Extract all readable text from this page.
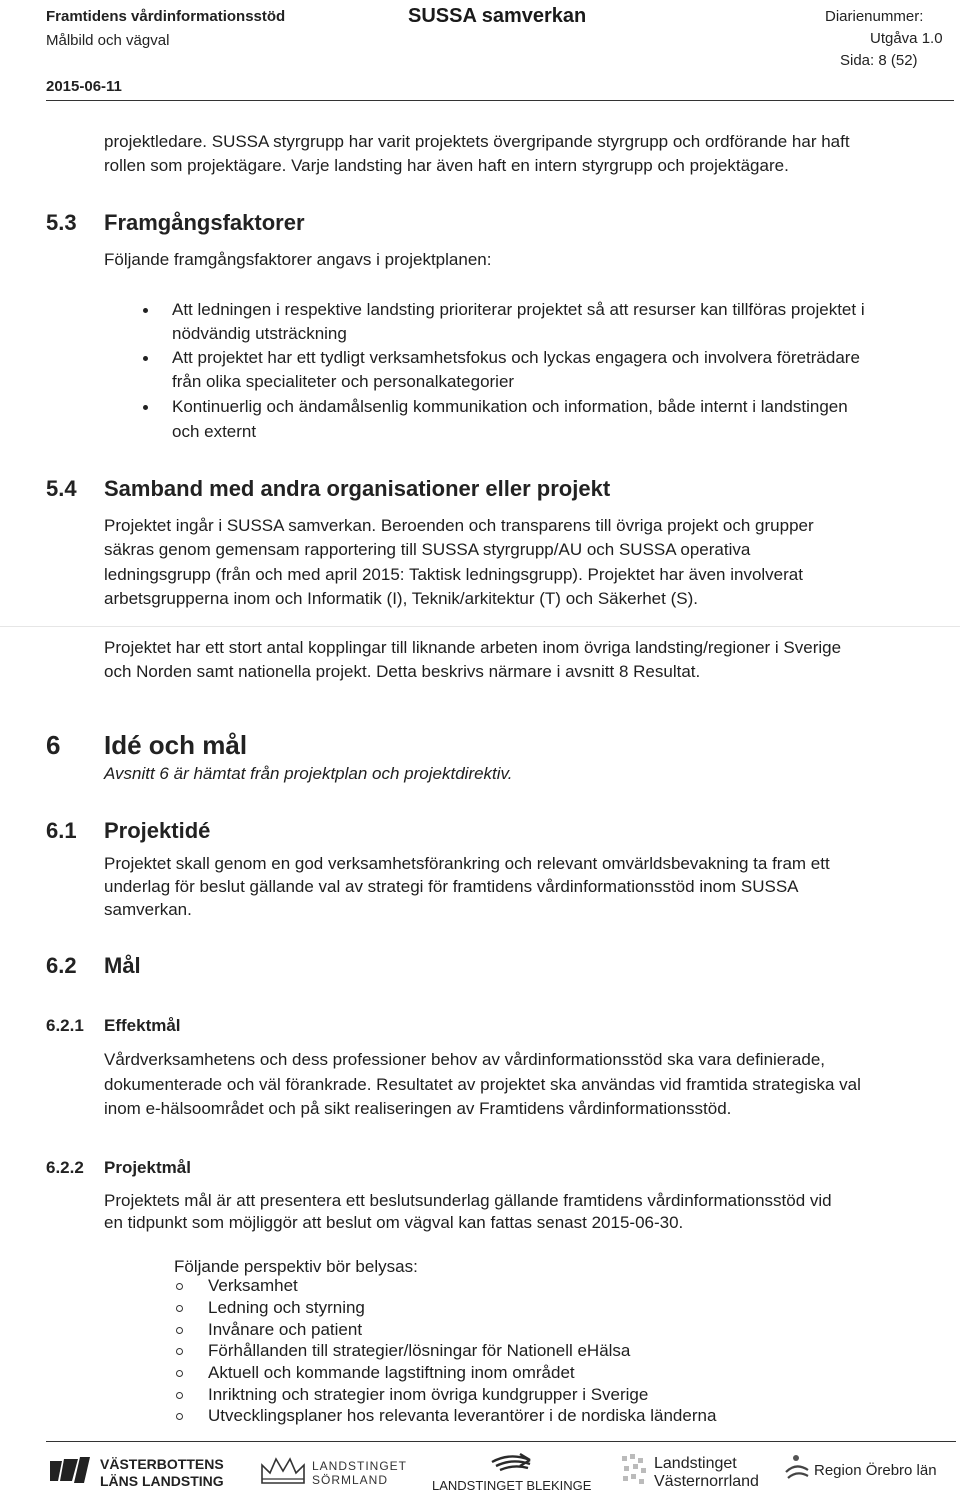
Framtidens vårdinformationsstöd
Målbild och vägval
2015-06-11
SUSSA samverkan	Diarienummer:
Utgåva 1.0
Sida: 8 (52)
projektledare. SUSSA styrgrupp har varit projektets övergripande styrgrupp och ordförande har haft
rollen som projektägare. Varje landsting har även haft en intern styrgrupp och projektägare.
5.3 Framgångsfaktorer
Följande framgångsfaktorer angavs i projektplanen:
Att ledningen i respektive landsting prioriterar projektet så att resurser kan tillföras projektet i
nödvändig utsträckning
Att projektet har ett tydligt verksamhetsfokus och lyckas engagera och involvera företrädare
från olika specialiteter och personalkategorier
Kontinuerlig och ändamålsenlig kommunikation och information, både internt i landstingen
och externt
5.4 Samband med andra organisationer eller projekt
Projektet ingår i SUSSA samverkan. Beroenden och transparens till övriga projekt och grupper
säkras genom gemensam rapportering till SUSSA styrgrupp/AU och SUSSA operativa
ledningsgrupp (från och med april 2015: Taktisk ledningsgrupp). Projektet har även involverat
arbetsgrupperna inom och Informatik (I), Teknik/arkitektur (T) och Säkerhet (S).
Projektet har ett stort antal kopplingar till liknande arbeten inom övriga landsting/regioner i Sverige
och Norden samt nationella projekt. Detta beskrivs närmare i avsnitt 8 Resultat.
6 Idé och mål
Avsnitt 6 är hämtat från projektplan och projektdirektiv.
6.1 Projektidé
Projektet skall genom en god verksamhetsförankring och relevant omvärldsbevakning ta fram ett
underlag för beslut gällande val av strategi för framtidens vårdinformationsstöd inom SUSSA
samverkan.
6.2 Mål
6.2.1 Effektmål
Vårdverksamhetens och dess professioner behov av vårdinformationsstöd ska vara definierade,
dokumenterade och väl förankrade. Resultatet av projektet ska användas vid framtida strategiska val
inom e-hälsoområdet och på sikt realiseringen av Framtidens vårdinformationsstöd.
6.2.2 Projektmål
Projektets mål är att presentera ett beslutsunderlag gällande framtidens vårdinformationsstöd vid
en tidpunkt som möjliggör att beslut om vägval kan fattas senast 2015-06-30.
Följande perspektiv bör belysas:
Verksamhet
Ledning och styrning
Invånare och patient
Förhållanden till strategier/lösningar för Nationell eHälsa
Aktuell och kommande lagstiftning inom området
Inriktning och strategier inom övriga kundgrupper i Sverige
Utvecklingsplaner hos relevanta leverantörer i de nordiska länderna
VÄSTERBOTTENS
LÄNS LANDSTING
LANDSTINGET
SÖRMLAND	LANDSTINGET BLEKINGE
Landstinget
Västernorrland
Region Örebro län
